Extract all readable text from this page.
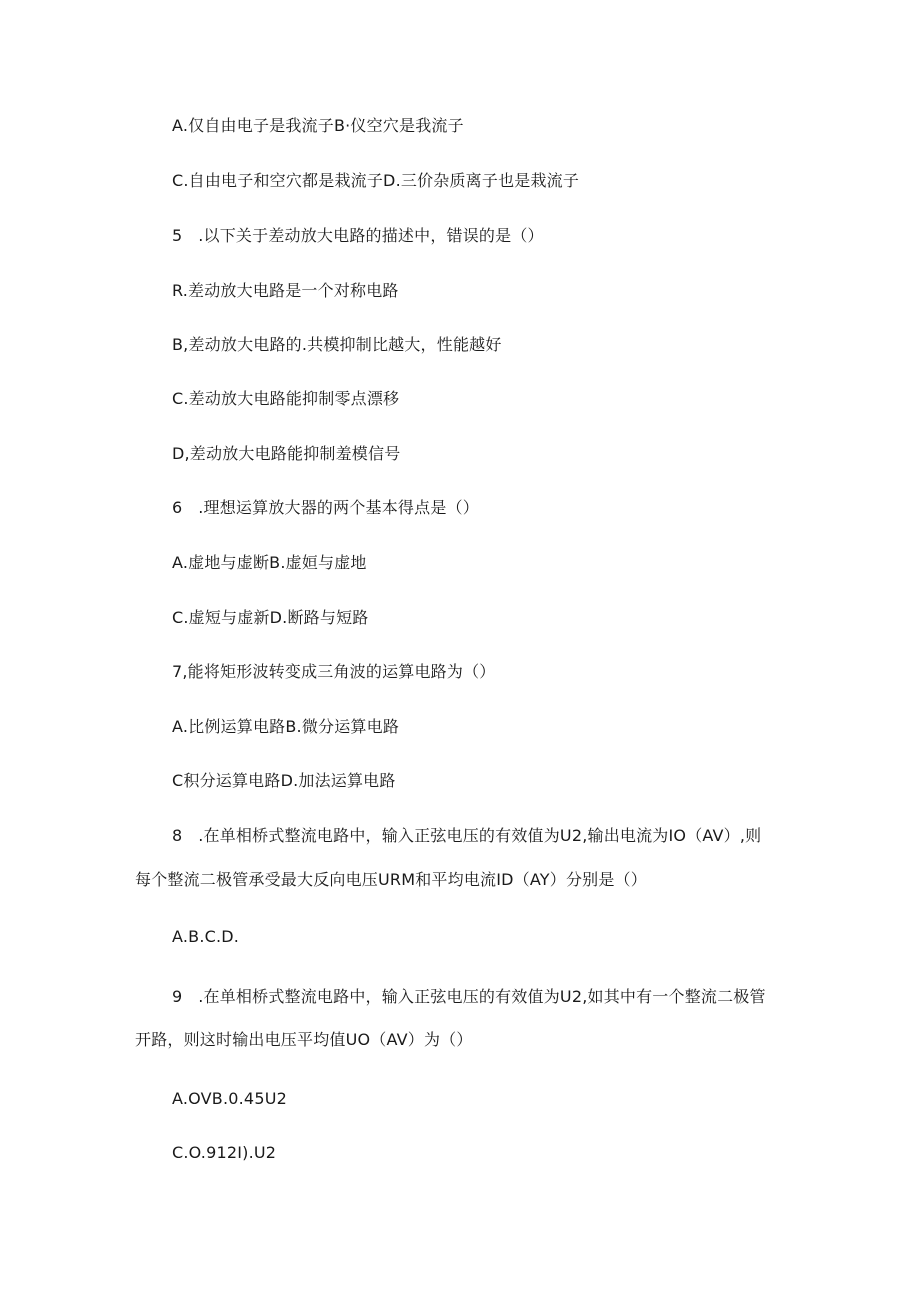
A.仅自由电子是我流子B·仪空穴是我流子
C.自由电子和空穴都是栽流子D.三价杂质离子也是栽流子
5   .以下关于差动放大电路的描述中，错误的是（）
R.差动放大电路是一个对称电路
B,差动放大电路的.共模抑制比越大，性能越好
C.差动放大电路能抑制零点漂移
D,差动放大电路能抑制羞模信号
6   .理想运算放大器的两个基本得点是（）
A.虚地与虚断B.虚姮与虚地
C.虚短与虚新D.断路与短路
7,能将矩形波转变成三角波的运算电路为（）
A.比例运算电路B.微分运算电路
C积分运算电路D.加法运算电路
8   .在单相桥式整流电路中，输入正弦电压的有效值为U2,输出电流为IO（AV）,则
每个整流二极管承受最大反向电压URM和平均电流ID（AY）分别是（）
A.B.C.D.
9   .在单相桥式整流电路中，输入正弦电压的有效值为U2,如其中有一个整流二极管
开路，则这时输出电压平均值UO（AV）为（）
A.OVB.0.45U2
C.O.912I).U2
